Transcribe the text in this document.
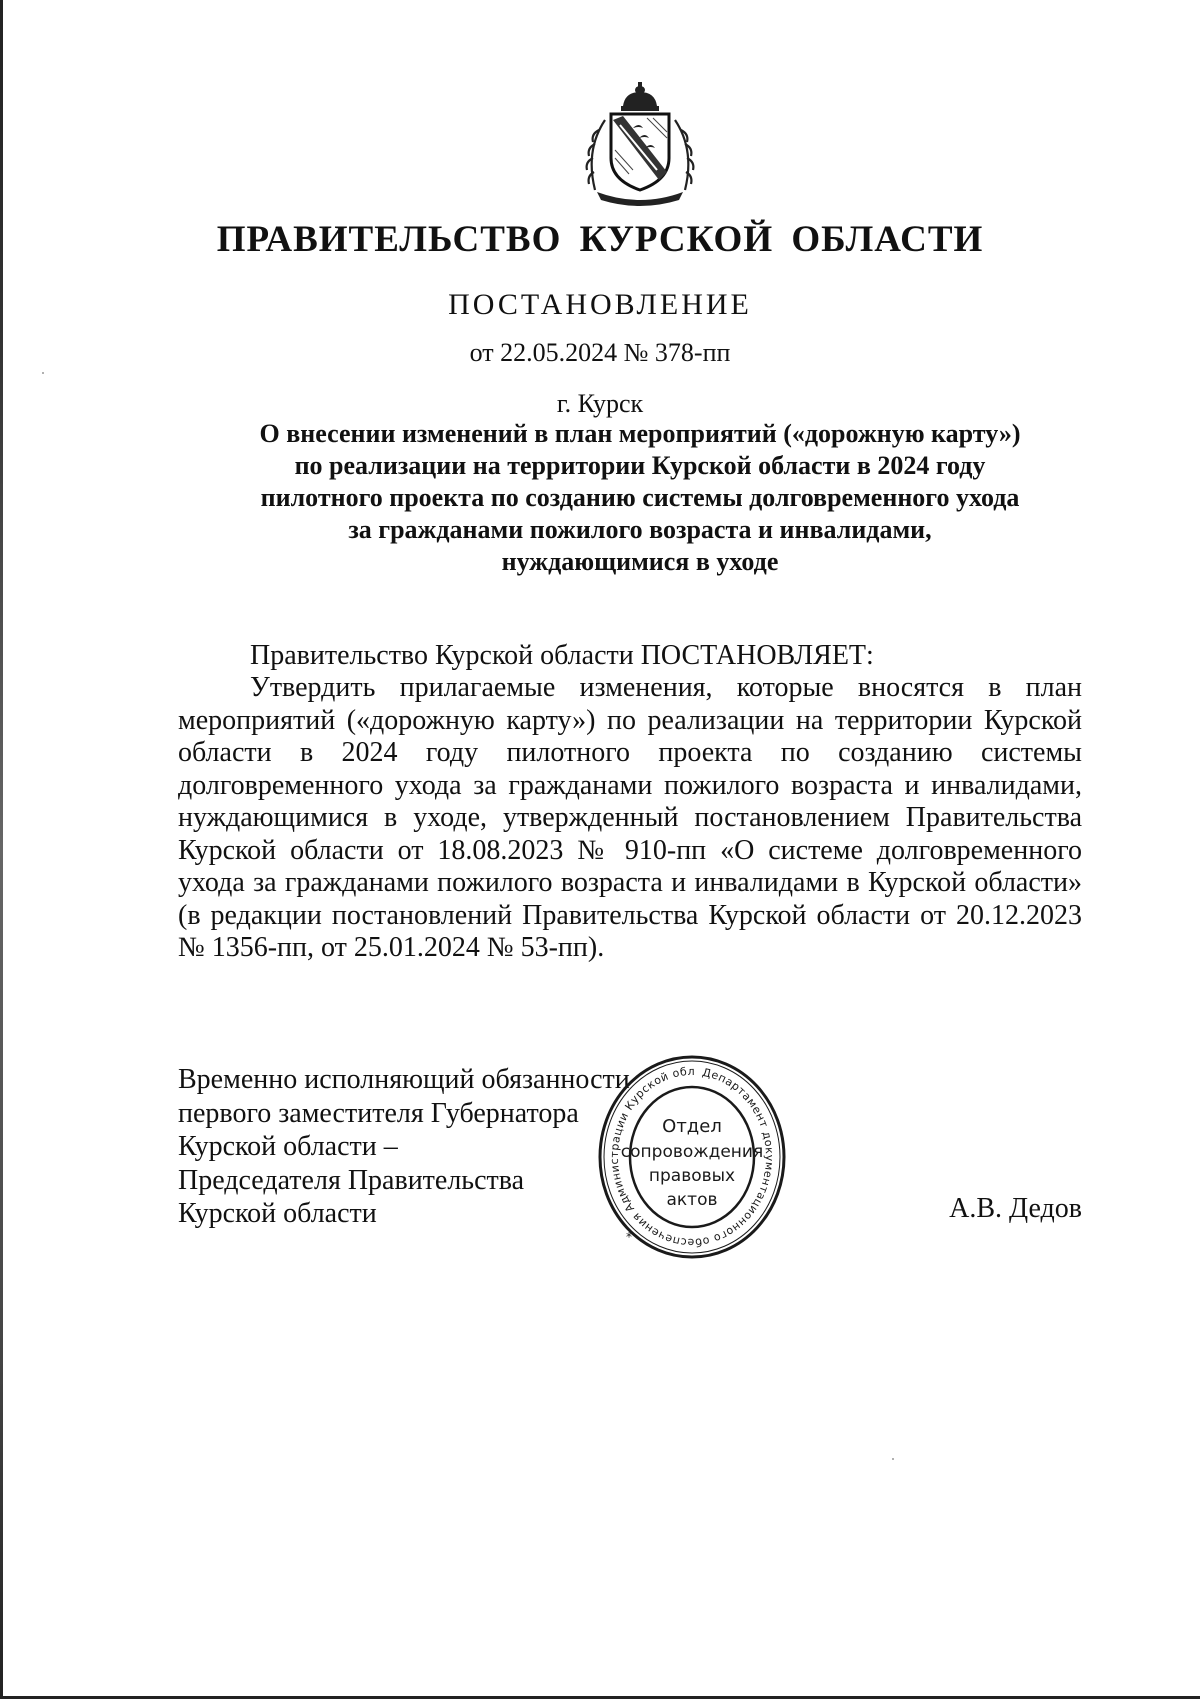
ПРАВИТЕЛЬСТВО КУРСКОЙ ОБЛАСТИ
ПОСТАНОВЛЕНИЕ
от 22.05.2024 № 378-пп
г. Курск
О внесении изменений в план мероприятий («дорожную карту»)
по реализации на территории Курской области в 2024 году
пилотного проекта по созданию системы долговременного ухода
за гражданами пожилого возраста и инвалидами,
нуждающимися в уходе
Правительство Курской области ПОСТАНОВЛЯЕТ:
Утвердить прилагаемые изменения, которые вносятся в план
мероприятий («дорожную карту») по реализации на территории Курской
области в 2024 году пилотного проекта по созданию системы
долговременного ухода за гражданами пожилого возраста и инвалидами,
нуждающимися в уходе, утвержденный постановлением Правительства
Курской области от 18.08.2023 № 910-пп «О системе долговременного
ухода за гражданами пожилого возраста и инвалидами в Курской области»
(в редакции постановлений Правительства Курской области от 20.12.2023
№ 1356-пп, от 25.01.2024 № 53-пп).
Временно исполняющий обязанности
первого заместителя Губернатора
Курской области –
Председателя Правительства
Курской области	А.В. Дедов
Департамент документационного обеспечения Администрации Курской области
*
Отдел
сопровождения
правовых
актов
